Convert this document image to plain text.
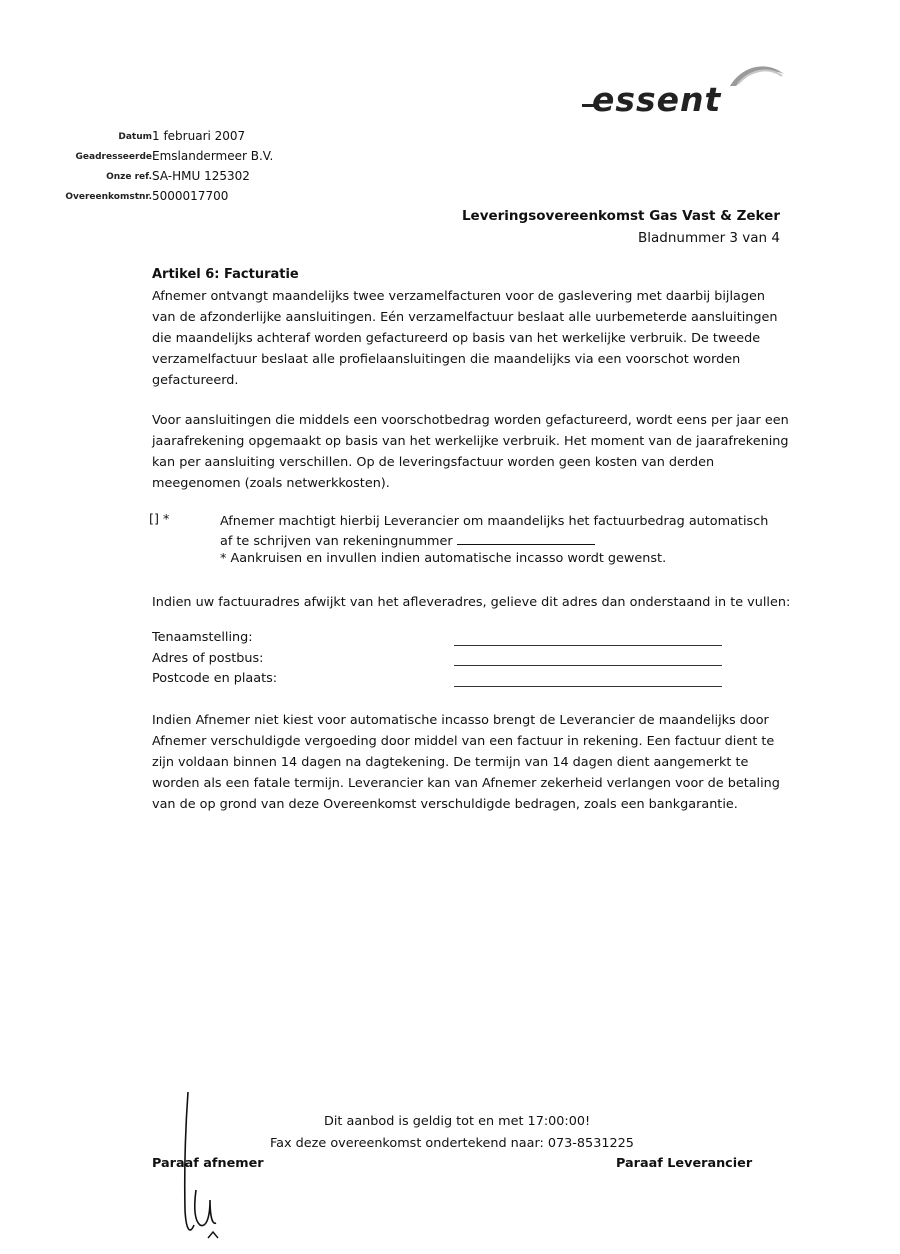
essent
Datum 1 februari 2007
Geadresseerde Emslandermeer B.V.
Onze ref. SA-HMU 125302
Overeenkomstnr. 5000017700
Leveringsovereenkomst Gas Vast & Zeker
Bladnummer 3 van 4
Artikel 6: Facturatie
Afnemer ontvangt maandelijks twee verzamelfacturen voor de gaslevering met daarbij bijlagen van de afzonderlijke aansluitingen. Eén verzamelfactuur beslaat alle uurbemeterde aansluitingen die maandelijks achteraf worden gefactureerd op basis van het werkelijke verbruik. De tweede verzamelfactuur beslaat alle profielaansluitingen die maandelijks via een voorschot worden gefactureerd.
Voor aansluitingen die middels een voorschotbedrag worden gefactureerd, wordt eens per jaar een jaarafrekening opgemaakt op basis van het werkelijke verbruik. Het moment van de jaarafrekening kan per aansluiting verschillen. Op de leveringsfactuur worden geen kosten van derden meegenomen (zoals netwerkkosten).
[] *	Afnemer machtigt hierbij Leverancier om maandelijks het factuurbedrag automatisch af te schrijven van rekeningnummer
* Aankruisen en invullen indien automatische incasso wordt gewenst.
Indien uw factuuradres afwijkt van het afleveradres, gelieve dit adres dan onderstaand in te vullen:
Tenaamstelling:
Adres of postbus:
Postcode en plaats:
Indien Afnemer niet kiest voor automatische incasso brengt de Leverancier de maandelijks door Afnemer verschuldigde vergoeding door middel van een factuur in rekening. Een factuur dient te zijn voldaan binnen 14 dagen na dagtekening. De termijn van 14 dagen dient aangemerkt te worden als een fatale termijn. Leverancier kan van Afnemer zekerheid verlangen voor de betaling van de op grond van deze Overeenkomst verschuldigde bedragen, zoals een bankgarantie.
Dit aanbod is geldig tot en met 17:00:00!
Fax deze overeenkomst ondertekend naar: 073-8531225
Paraaf afnemer	Paraaf Leverancier
